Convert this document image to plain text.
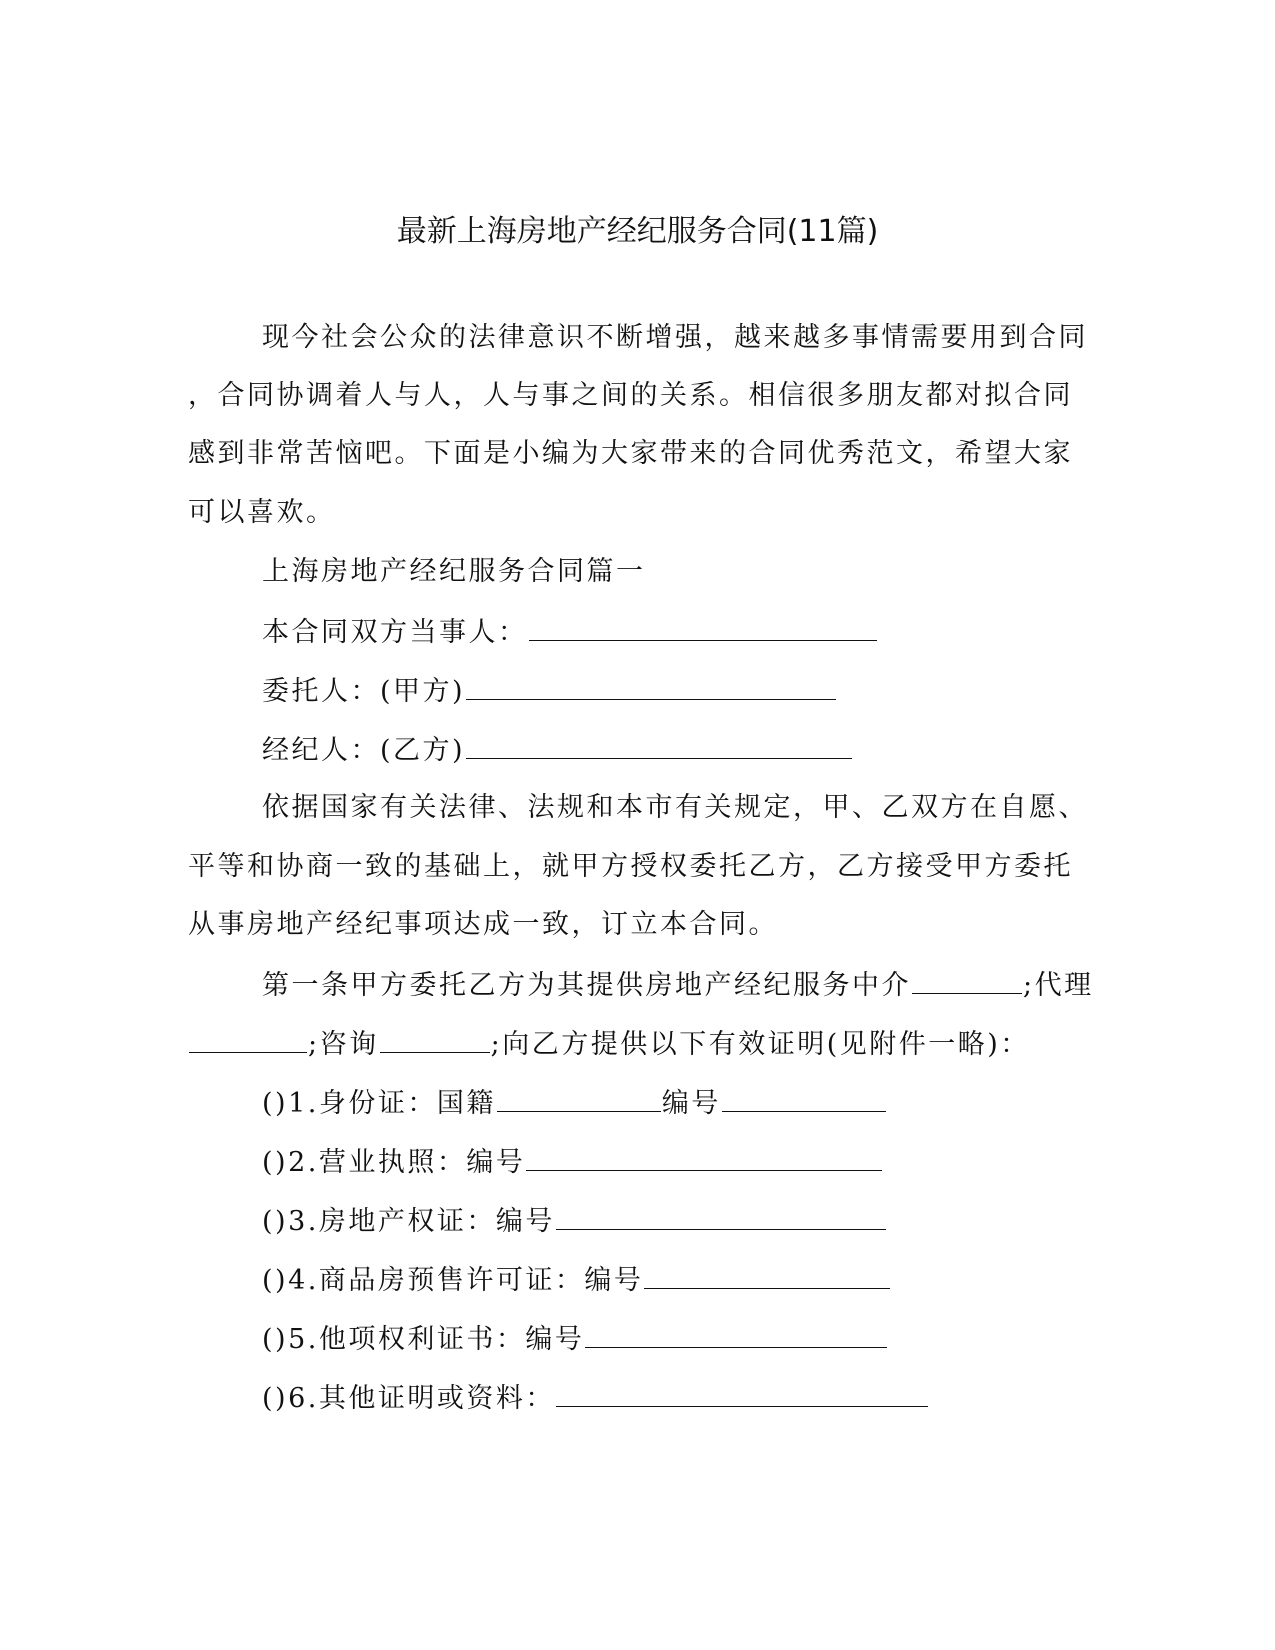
最新上海房地产经纪服务合同(11篇)
现今社会公众的法律意识不断增强，越来越多事情需要用到合同
，合同协调着人与人，人与事之间的关系。相信很多朋友都对拟合同
感到非常苦恼吧。下面是小编为大家带来的合同优秀范文，希望大家
可以喜欢。
上海房地产经纪服务合同篇一
本合同双方当事人：
委托人：(甲方)
经纪人：(乙方)
依据国家有关法律、法规和本市有关规定，甲、乙双方在自愿、
平等和协商一致的基础上，就甲方授权委托乙方，乙方接受甲方委托
从事房地产经纪事项达成一致，订立本合同。
第一条甲方委托乙方为其提供房地产经纪服务中介	;代理
;咨询	;向乙方提供以下有效证明(见附件一略)：
()1.身份证：国籍	编号
()2.营业执照：编号
()3.房地产权证：编号
()4.商品房预售许可证：编号
()5.他项权利证书：编号
()6.其他证明或资料：
